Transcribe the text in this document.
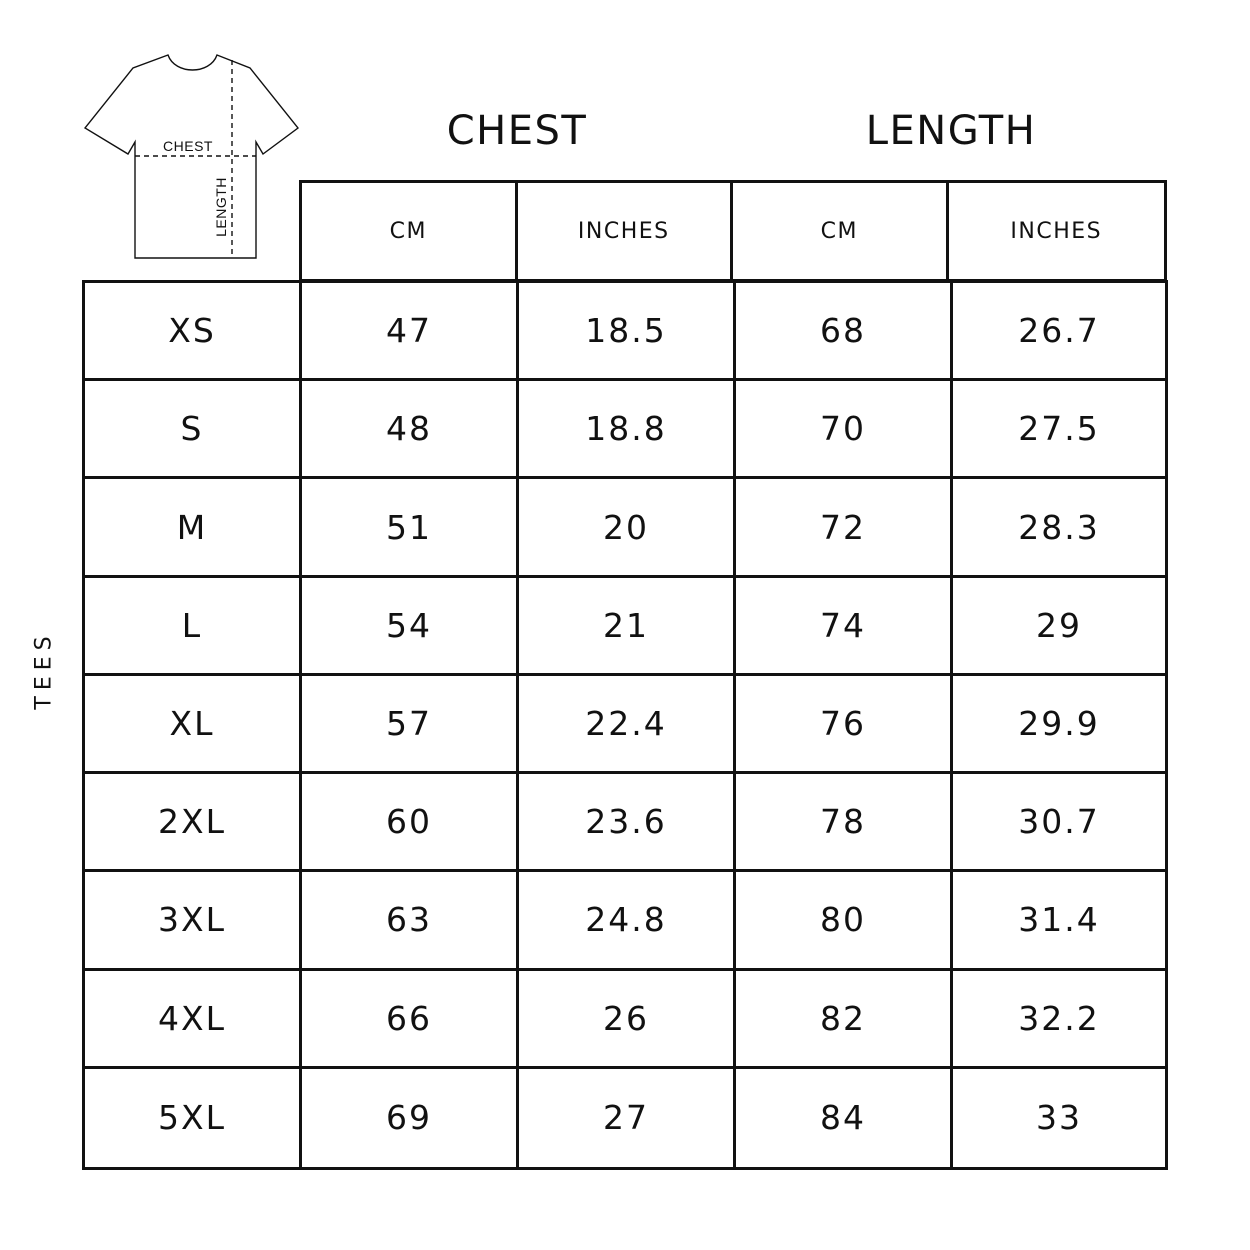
CHEST
LENGTH
CHEST	LENGTH
TEES
CM	INCHES	CM	INCHES
XS	47	18.5	68	26.7
S	48	18.8	70	27.5
M	51	20	72	28.3
L	54	21	74	29
XL	57	22.4	76	29.9
2XL	60	23.6	78	30.7
3XL	63	24.8	80	31.4
4XL	66	26	82	32.2
5XL	69	27	84	33
